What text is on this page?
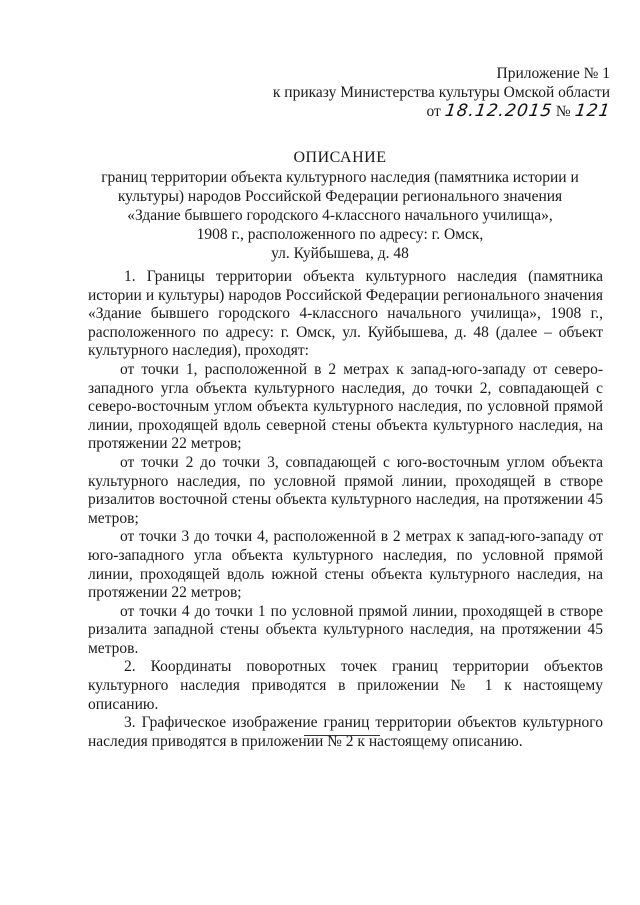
Приложение № 1
к приказу Министерства культуры Омской области
от 18.12.2015 № 121
ОПИСАНИЕ
границ территории объекта культурного наследия (памятника истории и
культуры) народов Российской Федерации регионального значения
«Здание бывшего городского 4-классного начального училища»,
1908 г., расположенного по адресу: г. Омск,
ул. Куйбышева, д. 48

1. Границы территории объекта культурного наследия (памятника истории и культуры) народов Российской Федерации регионального значения «Здание бывшего городского 4-классного начального училища», 1908 г., расположенного по адресу: г. Омск, ул. Куйбышева, д. 48 (далее – объект культурного наследия), проходят:

от точки 1, расположенной в 2 метрах к запад-юго-западу от северо-западного угла объекта культурного наследия, до точки 2, совпадающей с северо-восточным углом объекта культурного наследия, по условной прямой линии, проходящей вдоль северной стены объекта культурного наследия, на протяжении 22 метров;

от точки 2 до точки 3, совпадающей с юго-восточным углом объекта культурного наследия, по условной прямой линии, проходящей в створе ризалитов восточной стены объекта культурного наследия, на протяжении 45 метров;

от точки 3 до точки 4, расположенной в 2 метрах к запад-юго-западу от юго-западного угла объекта культурного наследия, по условной прямой линии, проходящей вдоль южной стены объекта культурного наследия, на протяжении 22 метров;

от точки 4 до точки 1 по условной прямой линии, проходящей в створе ризалита западной стены объекта культурного наследия, на протяжении 45 метров.

2. Координаты поворотных точек границ территории объектов культурного наследия приводятся в приложении № 1 к настоящему описанию.

3. Графическое изображение границ территории объектов культурного наследия приводятся в приложении № 2 к настоящему описанию.
